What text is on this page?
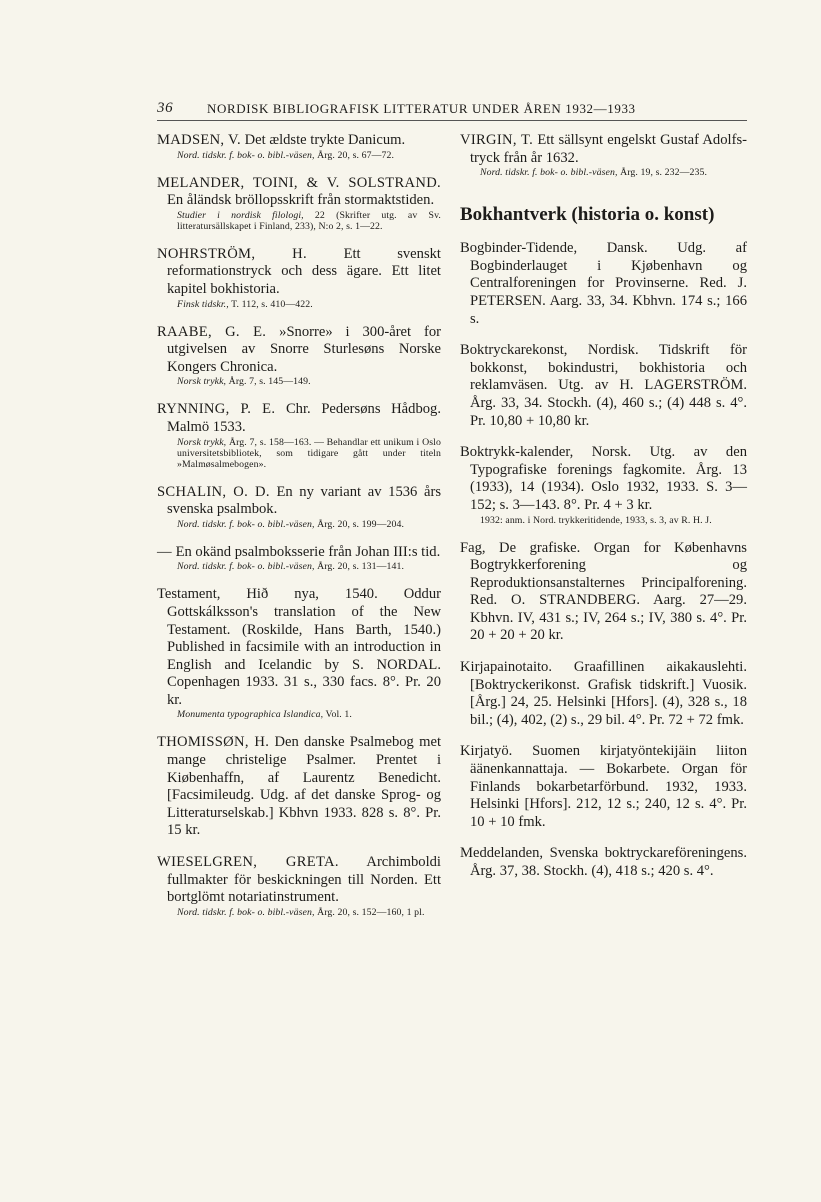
36	NORDISK BIBLIOGRAFISK LITTERATUR UNDER ÅREN 1932—1933
MADSEN, V. Det ældste trykte Danicum.
Nord. tidskr. f. bok- o. bibl.-väsen, Årg. 20, s. 67—72.
MELANDER, TOINI, & V. SOLSTRAND. En åländsk bröllopsskrift från stormaktstiden.
Studier i nordisk filologi, 22 (Skrifter utg. av Sv. litteratursällskapet i Finland, 233), N:o 2, s. 1—22.
NOHRSTRÖM, H.	Ett svenskt reformationstryck och dess ägare. Ett litet kapitel bokhistoria.
Finsk tidskr., T. 112, s. 410—422.
RAABE, G. E. »Snorre» i 300-året for utgivelsen av Snorre Sturlesøns Norske Kongers Chronica.
Norsk trykk, Årg. 7, s. 145—149.
RYNNING, P. E. Chr. Pedersøns Hådbog. Malmö 1533.
Norsk trykk, Årg. 7, s. 158—163. — Behandlar ett unikum i Oslo universitetsbibliotek, som tidigare gått under titeln »Malmøsalmebogen».
SCHALIN, O. D. En ny variant av 1536 års svenska psalmbok.
Nord. tidskr. f. bok- o. bibl.-väsen, Årg. 20, s. 199—204.
— En okänd psalmboksserie från Johan III:s tid.
Nord. tidskr. f. bok- o. bibl.-väsen, Årg. 20, s. 131—141.
Testament, Hið nya, 1540. Oddur Gottskálksson's translation of the New Testament. (Roskilde, Hans Barth, 1540.) Published in facsimile with an introduction in English and Icelandic by S. NORDAL. Copenhagen 1933. 31 s., 330 facs. 8°. Pr. 20 kr.
Monumenta typographica Islandica, Vol. 1.
THOMISSØN, H. Den danske Psalmebog met mange christelige Psalmer. Prentet i Kiøbenhaffn, af Laurentz Benedicht. [Facsimileudg. Udg. af det danske Sprog- og Litteraturselskab.] Kbhvn 1933. 828 s. 8°. Pr. 15 kr.
WIESELGREN, GRETA. Archimboldi fullmakter för beskickningen till Norden. Ett bortglömt notariatinstrument.
Nord. tidskr. f. bok- o. bibl.-väsen, Årg. 20, s. 152—160, 1 pl.
VIRGIN, T. Ett sällsynt engelskt Gustaf Adolfs-tryck från år 1632.
Nord. tidskr. f. bok- o. bibl.-väsen, Årg. 19, s. 232—235.
Bokhantverk (historia o. konst)
Bogbinder-Tidende, Dansk. Udg. af Bogbinderlauget i Kjøbenhavn og Centralforeningen for Provinserne. Red. J. PETERSEN. Aarg. 33, 34. Kbhvn. 174 s.; 166 s.
Boktryckarekonst, Nordisk. Tidskrift för bokkonst, bokindustri, bokhistoria och reklamväsen. Utg. av H. LAGERSTRÖM. Årg. 33, 34. Stockh. (4), 460 s.; (4) 448 s. 4°. Pr. 10,80 + 10,80 kr.
Boktrykk-kalender, Norsk. Utg. av den Typografiske forenings fagkomite. Årg. 13 (1933), 14 (1934). Oslo 1932, 1933. S. 3—152; s. 3—143. 8°. Pr. 4 + 3 kr.
1932: anm. i Nord. trykkeritidende, 1933, s. 3, av R. H. J.
Fag, De grafiske. Organ for Københavns Bogtrykkerforening og Reproduktionsanstalternes Principalforening. Red. O. STRANDBERG. Aarg. 27—29. Kbhvn. IV, 431 s.; IV, 264 s.; IV, 380 s. 4°. Pr. 20 + 20 + 20 kr.
Kirjapainotaito. Graafillinen aikakauslehti. [Boktryckerikonst. Grafisk tidskrift.] Vuosik. [Årg.] 24, 25. Helsinki [Hfors]. (4), 328 s., 18 bil.; (4), 402, (2) s., 29 bil. 4°. Pr. 72 + 72 fmk.
Kirjatyö. Suomen kirjatyöntekijäin liiton äänenkannattaja. — Bokarbete. Organ för Finlands bokarbetarförbund. 1932, 1933. Helsinki [Hfors]. 212, 12 s.; 240, 12 s. 4°. Pr. 10 + 10 fmk.
Meddelanden, Svenska boktryckareföreningens. Årg. 37, 38. Stockh. (4), 418 s.; 420 s. 4°.
